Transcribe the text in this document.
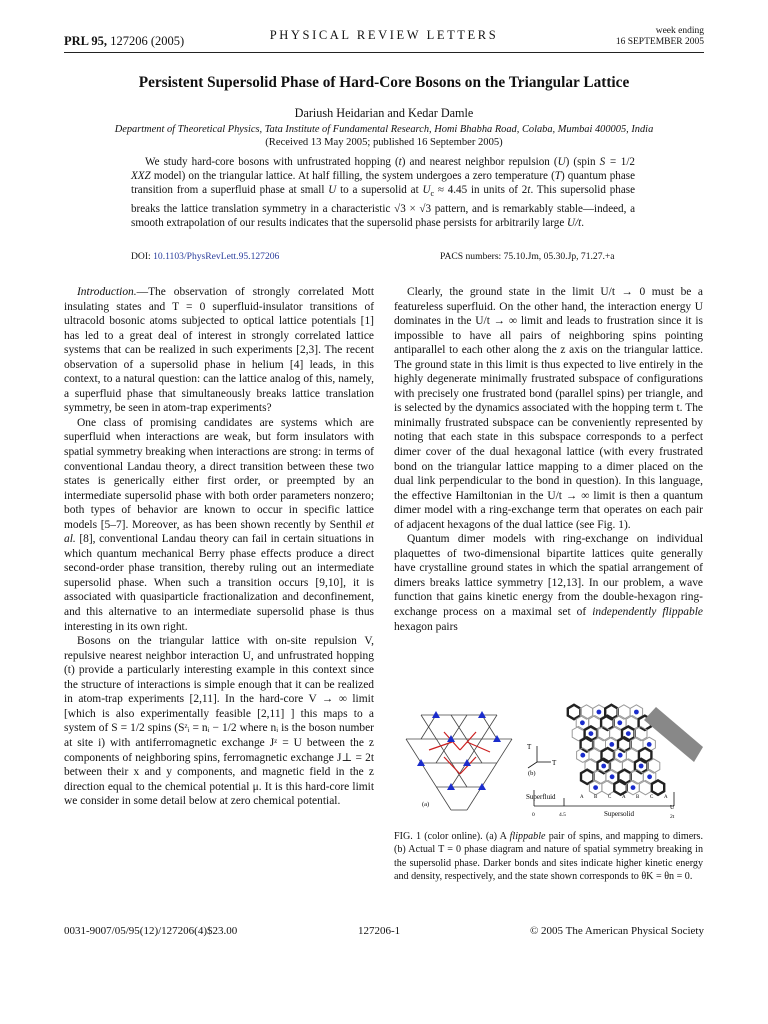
PRL 95, 127206 (2005)	PHYSICAL REVIEW LETTERS	week ending
16 SEPTEMBER 2005
Persistent Supersolid Phase of Hard-Core Bosons on the Triangular Lattice
Dariush Heidarian and Kedar Damle
Department of Theoretical Physics, Tata Institute of Fundamental Research, Homi Bhabha Road, Colaba, Mumbai 400005, India
(Received 13 May 2005; published 16 September 2005)
We study hard-core bosons with unfrustrated hopping (t) and nearest neighbor repulsion (U) (spin S = 1/2 XXZ model) on the triangular lattice. At half filling, the system undergoes a zero temperature (T) quantum phase transition from a superfluid phase at small U to a supersolid at $U_c \approx 4.45$ in units of 2t. This supersolid phase breaks the lattice translation symmetry in a characteristic √3 × √3 pattern, and is remarkably stable—indeed, a smooth extrapolation of our results indicates that the supersolid phase persists for arbitrarily large U/t.
DOI: 10.1103/PhysRevLett.95.127206	PACS numbers: 75.10.Jm, 05.30.Jp, 71.27.+a

Introduction.—The observation of strongly correlated Mott insulating states and T = 0 superfluid-insulator transitions of ultracold bosonic atoms subjected to optical lattice potentials [1] has led to a great deal of interest in strongly correlated lattice systems that can be realized in such experiments [2,3]. The recent observation of a supersolid phase in helium [4] leads, in this context, to a natural question: can the lattice analog of this, namely, a superfluid phase that simultaneously breaks lattice translation symmetry, be seen in atom-trap experiments?

One class of promising candidates are systems which are superfluid when interactions are weak, but form insulators with spatial symmetry breaking when interactions are strong: in terms of conventional Landau theory, a direct transition between these two states is generically either first order, or preempted by an intermediate supersolid phase with both order parameters nonzero; both types of behavior are known to occur in specific lattice models [5–7]. Moreover, as has been shown recently by Senthil et al. [8], conventional Landau theory can fail in certain situations in which quantum mechanical Berry phase effects produce a direct second-order phase transition, thereby ruling out an intermediate supersolid phase. When such a transition occurs [9,10], it is associated with quasiparticle fractionalization and deconfinement, and this alternative to an intermediate supersolid phase is thus interesting in its own right.

Bosons on the triangular lattice with on-site repulsion V, repulsive nearest neighbor interaction U, and unfrustrated hopping (t) provide a particularly interesting example in this context since the structure of interactions is simple enough that it can be realized in atom-trap experiments [2,11]. In the hard-core V → ∞ limit [which is also experimentally feasible [2,11] ] this maps to a system of S = 1/2 spins (Sᶻᵢ = nᵢ − 1/2 where nᵢ is the boson number at site i) with antiferromagnetic exchange Jᶻ = U between the z components of neighboring spins, ferromagnetic exchange J⊥ = 2t between their x and y components, and magnetic field in the z direction equal to the chemical potential μ. It is this hard-core limit we consider in some detail below at zero chemical potential.

Clearly, the ground state in the limit U/t → 0 must be a featureless superfluid. On the other hand, the interaction energy U dominates in the U/t → ∞ limit and leads to frustration since it is impossible to have all pairs of neighboring spins pointing antiparallel to each other along the z axis on the triangular lattice. The ground state in this limit is thus expected to live entirely in the highly degenerate minimally frustrated subspace of configurations with precisely one frustrated bond (parallel spins) per triangle, and is selected by the dynamics associated with the hopping term t. The minimally frustrated subspace can be conveniently represented by noting that each state in this subspace corresponds to a perfect dimer cover of the dual hexagonal lattice (with every frustrated bond on the triangular lattice mapping to a dimer placed on the dual link perpendicular to the bond in question). In this language, the effective Hamiltonian in the U/t → ∞ limit is then a quantum dimer model with a ring-exchange term that operates on each pair of adjacent hexagons of the dual lattice (see Fig. 1).

Quantum dimer models with ring-exchange on individual plaquettes of two-dimensional bipartite lattices quite generally have crystalline ground states in which the spatial arrangement of dimers breaks lattice symmetry [12,13]. In our problem, a wave function that gains kinetic energy from the double-hexagon ring-exchange process on a maximal set of independently flippable hexagon pairs

(a)
T
T
(b)
Superfluid
0	4.5	Supersolid
U
2t
A B C A B C A
FIG. 1 (color online). (a) A flippable pair of spins, and mapping to dimers. (b) Actual T = 0 phase diagram and nature of spatial symmetry breaking in the supersolid phase. Darker bonds and sites indicate higher kinetic energy and density, respectively, and the state shown corresponds to θK = θn = 0.
0031-9007/05/95(12)/127206(4)$23.00	127206-1	© 2005 The American Physical Society
